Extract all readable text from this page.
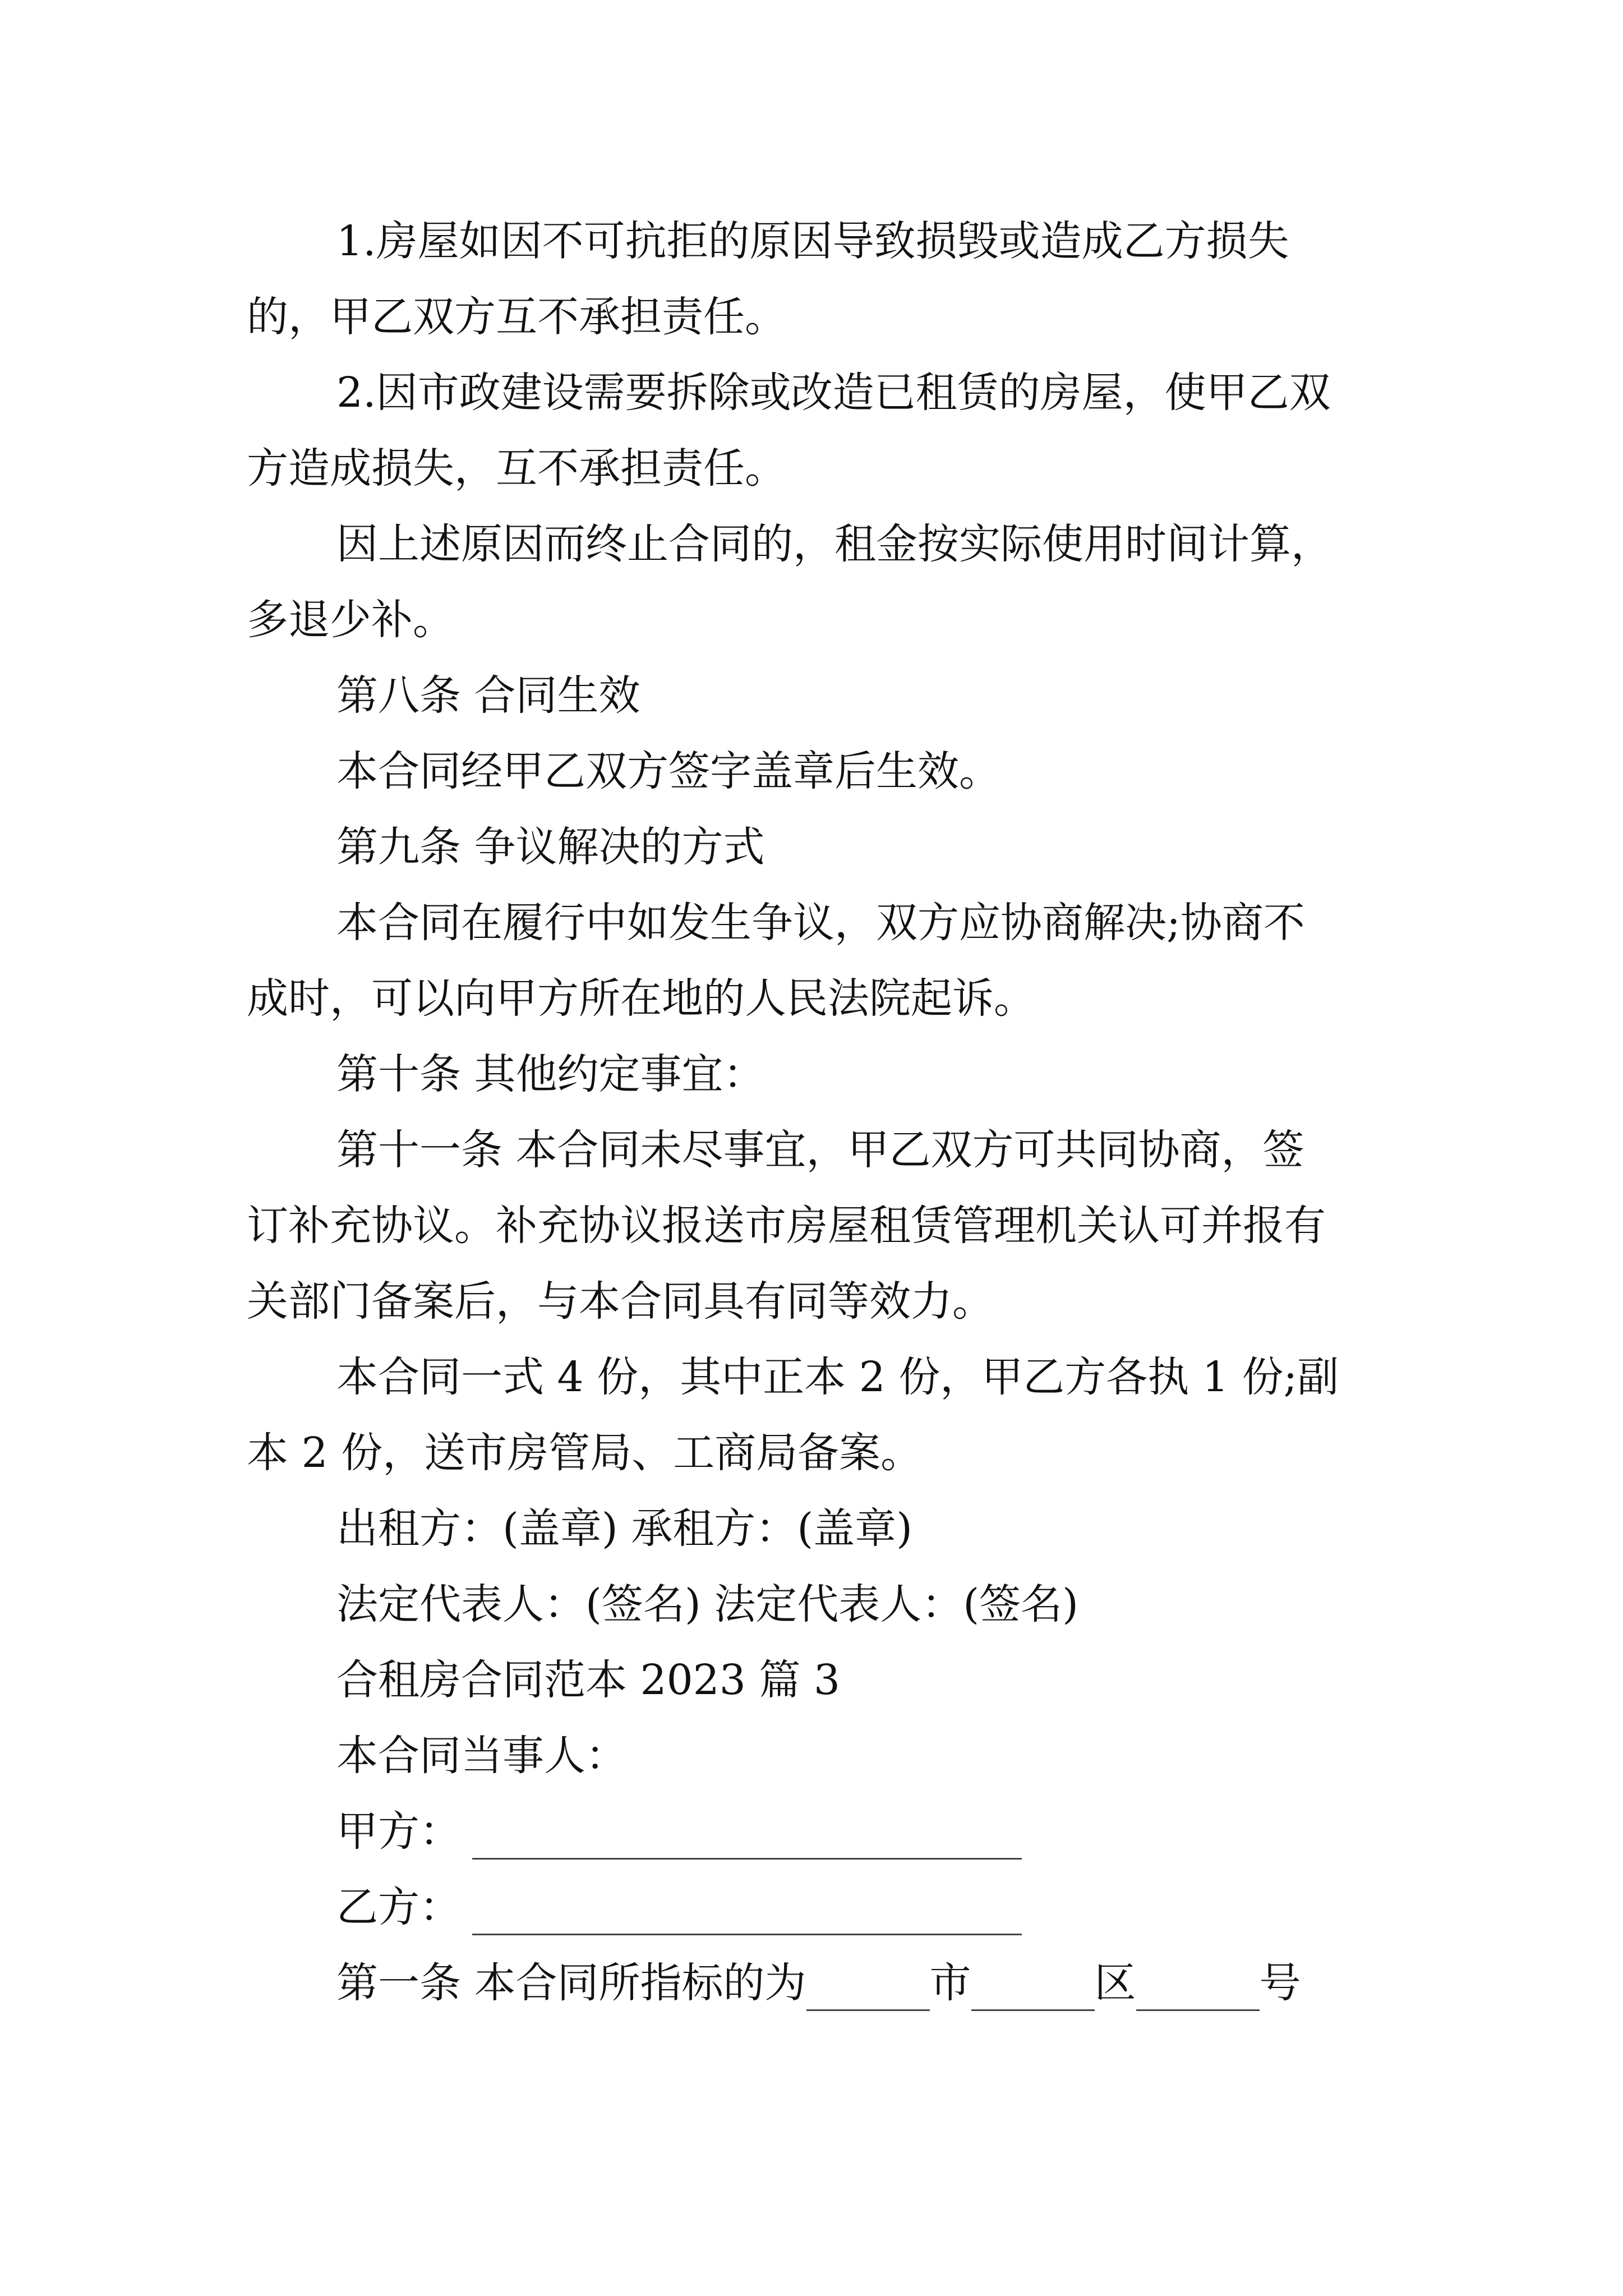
1.房屋如因不可抗拒的原因导致损毁或造成乙方损失
的，甲乙双方互不承担责任。
2.因市政建设需要拆除或改造已租赁的房屋，使甲乙双
方造成损失，互不承担责任。
因上述原因而终止合同的，租金按实际使用时间计算，
多退少补。
第八条 合同生效
本合同经甲乙双方签字盖章后生效。
第九条 争议解决的方式
本合同在履行中如发生争议，双方应协商解决;协商不
成时，可以向甲方所在地的人民法院起诉。
第十条 其他约定事宜：
第十一条 本合同未尽事宜，甲乙双方可共同协商，签
订补充协议。补充协议报送市房屋租赁管理机关认可并报有
关部门备案后，与本合同具有同等效力。
本合同一式 4 份，其中正本 2 份，甲乙方各执 1 份;副
本 2 份，送市房管局、工商局备案。
出租方：(盖章) 承租方：(盖章)
法定代表人：(签名) 法定代表人：(签名)
合租房合同范本 2023 篇 3
本合同当事人：
甲方：
乙方：
第一条 本合同所指标的为	市	区	号
